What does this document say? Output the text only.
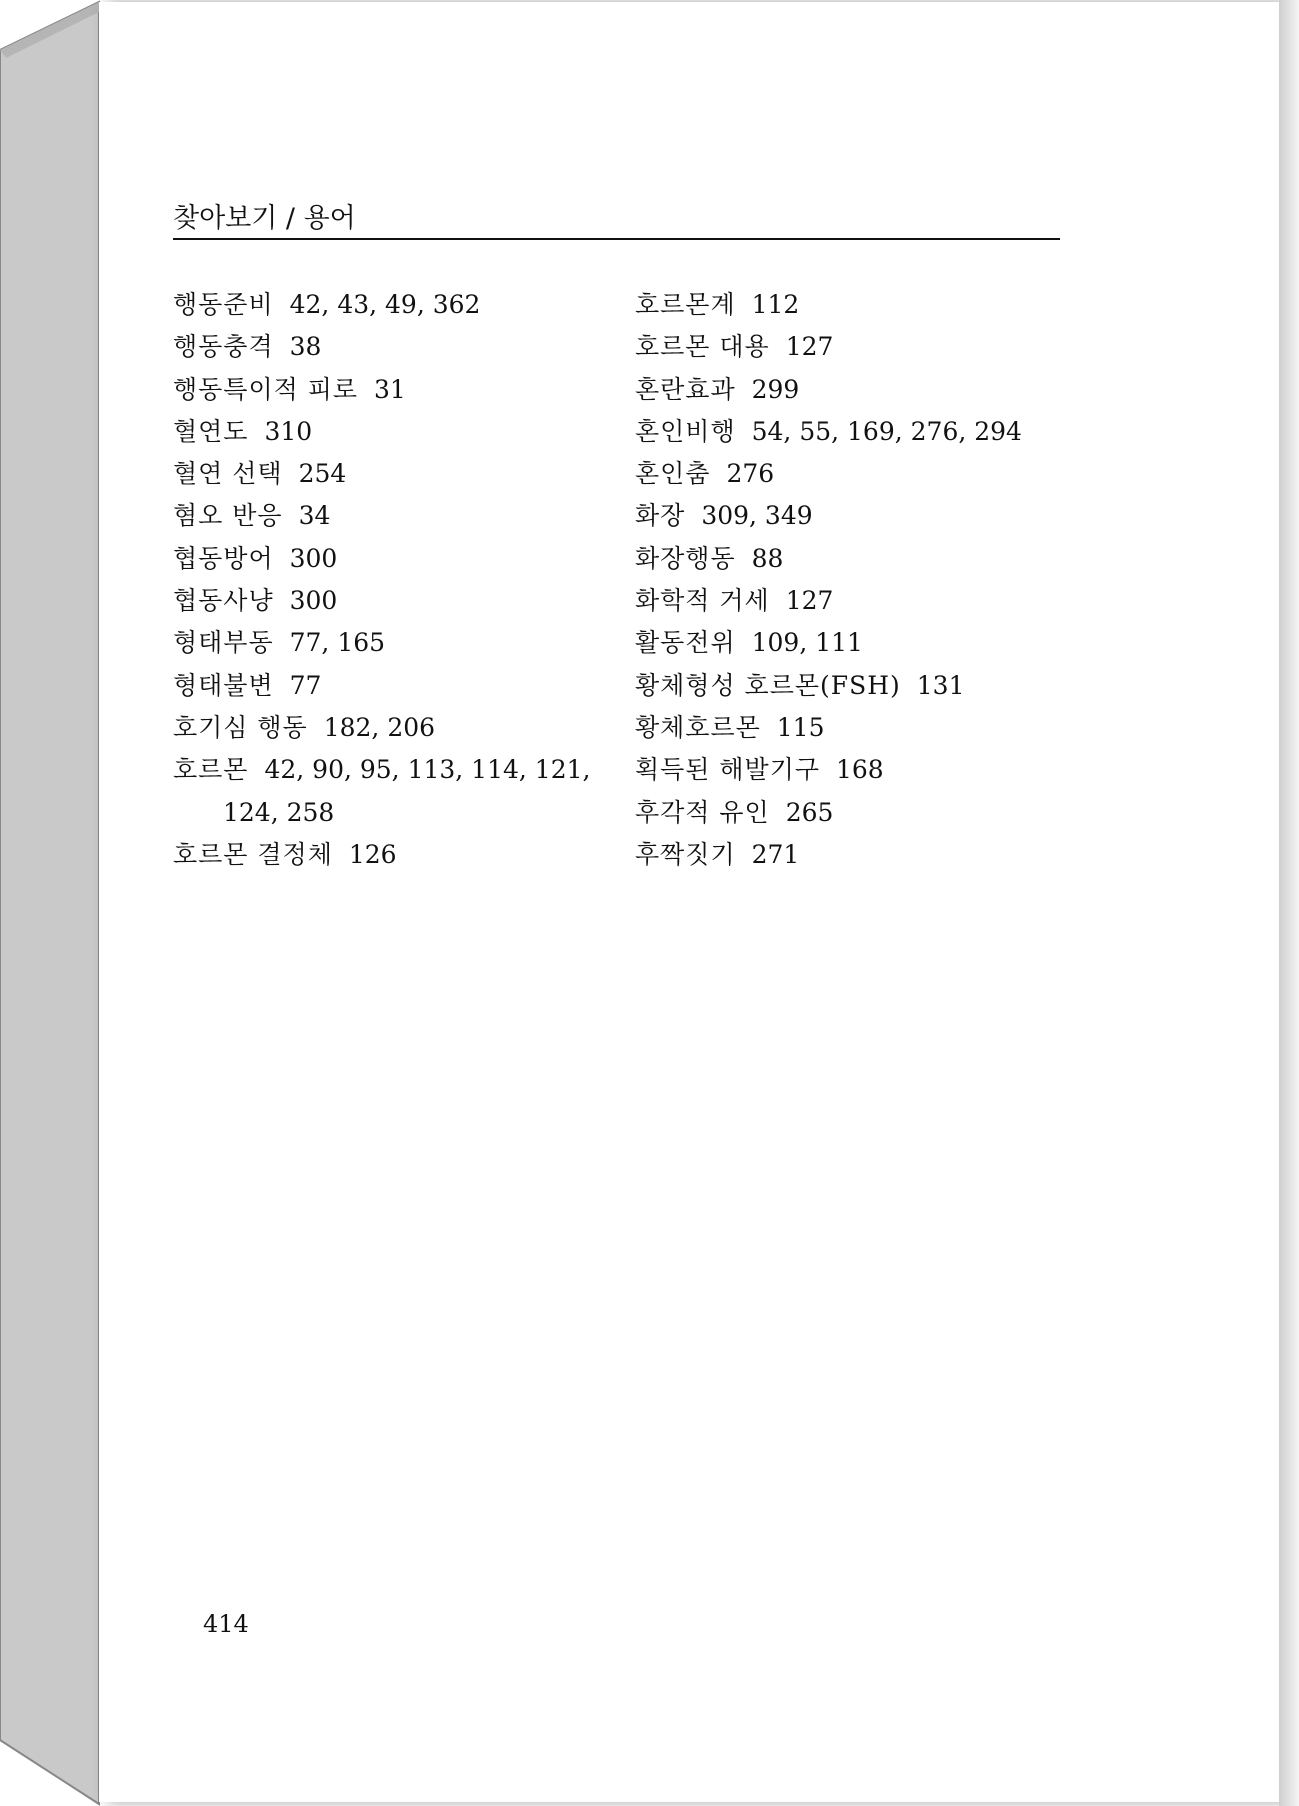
찾아보기 / 용어
행동준비 42, 43, 49, 362
행동충격 38
행동특이적 피로 31
혈연도 310
혈연 선택 254
혐오 반응 34
협동방어 300
협동사냥 300
형태부동 77, 165
형태불변 77
호기심 행동 182, 206
호르몬 42, 90, 95, 113, 114, 121,
124, 258
호르몬 결정체 126
호르몬계 112
호르몬 대용 127
혼란효과 299
혼인비행 54, 55, 169, 276, 294
혼인춤 276
화장 309, 349
화장행동 88
화학적 거세 127
활동전위 109, 111
황체형성 호르몬(FSH) 131
황체호르몬 115
획득된 해발기구 168
후각적 유인 265
후짝짓기 271
414
